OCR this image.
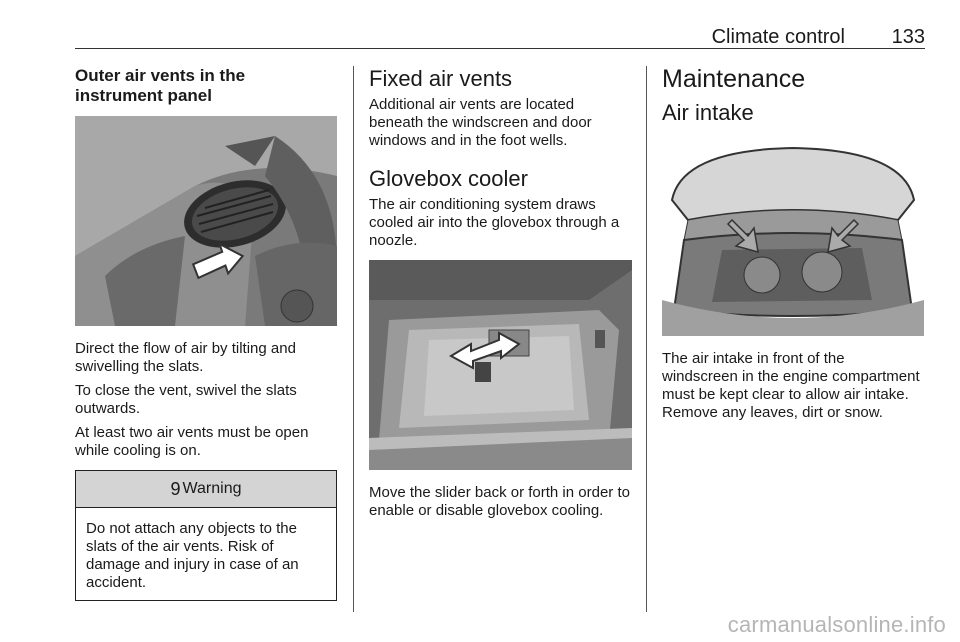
Climate control 133
Outer air vents in the instrument panel

Direct the flow of air by tilting and swivelling the slats.

To close the vent, swivel the slats outwards.

At least two air vents must be open while cooling is on.

9 Warning

Do not attach any objects to the slats of the air vents. Risk of damage and injury in case of an accident.

Fixed air vents

Additional air vents are located beneath the windscreen and door windows and in the foot wells.

Glovebox cooler

The air conditioning system draws cooled air into the glovebox through a noozle.

Move the slider back or forth in order to enable or disable glovebox cooling.

Maintenance
Air intake

The air intake in front of the windscreen in the engine compartment must be kept clear to allow air intake. Remove any leaves, dirt or snow.

carmanualsonline.info
